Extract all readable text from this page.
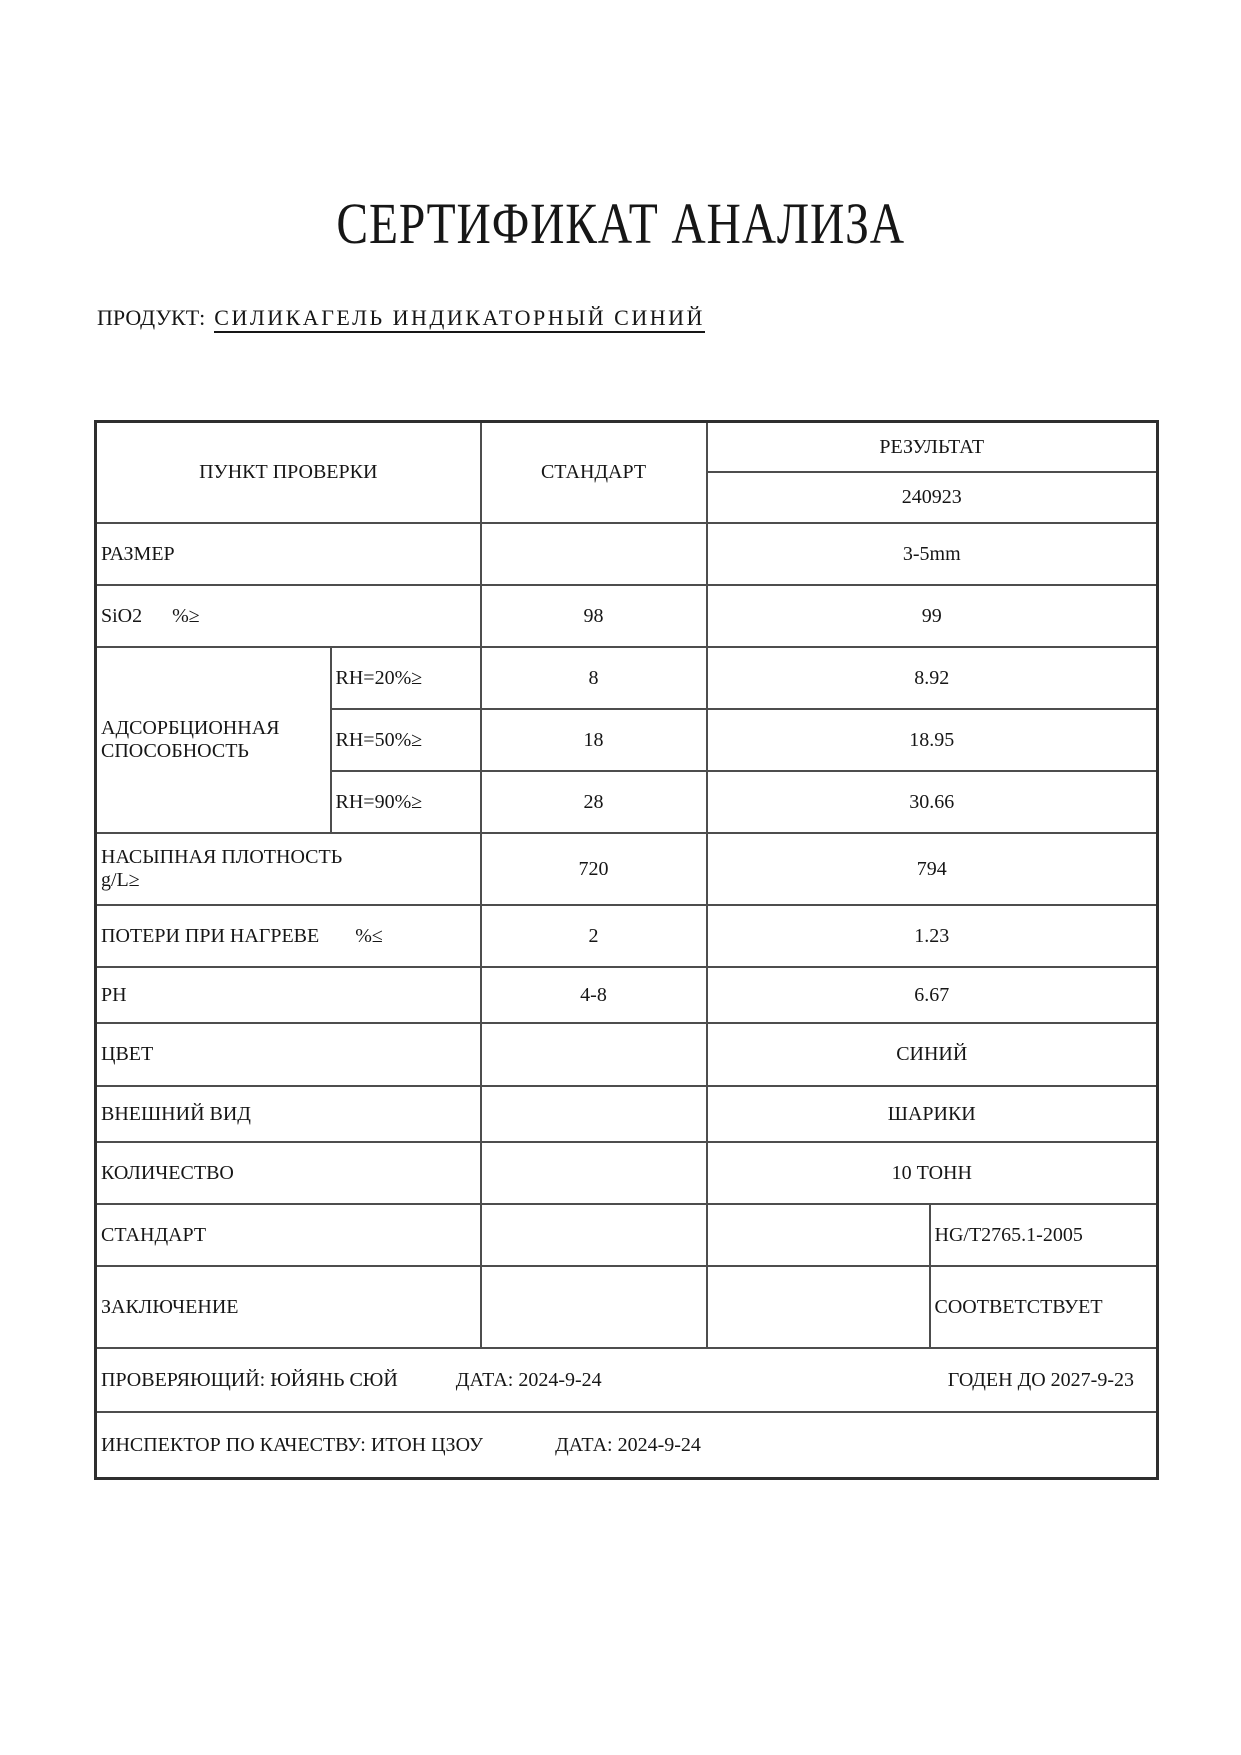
СЕРТИФИКАТ АНАЛИЗА

ПРОДУКТ: СИЛИКАГЕЛЬ ИНДИКАТОРНЫЙ СИНИЙ

ПУНКТ ПРОВЕРКИ		СТАНДАРТ	РЕЗУЛЬТАТ	
			240923	
РАЗМЕР			3-5mm	
SiO2 %≥		98	99	
АДСОРБЦИОННАЯ СПОСОБНОСТЬ	RH=20%≥	8	8.92	
	RH=50%≥	18	18.95	
	RH=90%≥	28	30.66	
НАСЫПНАЯ ПЛОТНОСТЬ
g/L≥		720	794	
ПОТЕРИ ПРИ НАГРЕВЕ %≤		2	1.23	
PH		4-8	6.67	
ЦВЕТ			СИНИЙ	
ВНЕШНИЙ ВИД			ШАРИКИ	
КОЛИЧЕСТВО			10 ТОНН	
СТАНДАРТ				HG/T2765.1-2005
ЗАКЛЮЧЕНИЕ				СООТВЕТСТВУЕТ

ПРОВЕРЯЮЩИЙ: ЮЙЯНЬ СЮЙ ДАТА: 2024-9-24 ГОДЕН ДО 2027-9-23				

ИНСПЕКТОР ПО КАЧЕСТВУ: ИТОН ЦЗОУ ДАТА: 2024-9-24				
